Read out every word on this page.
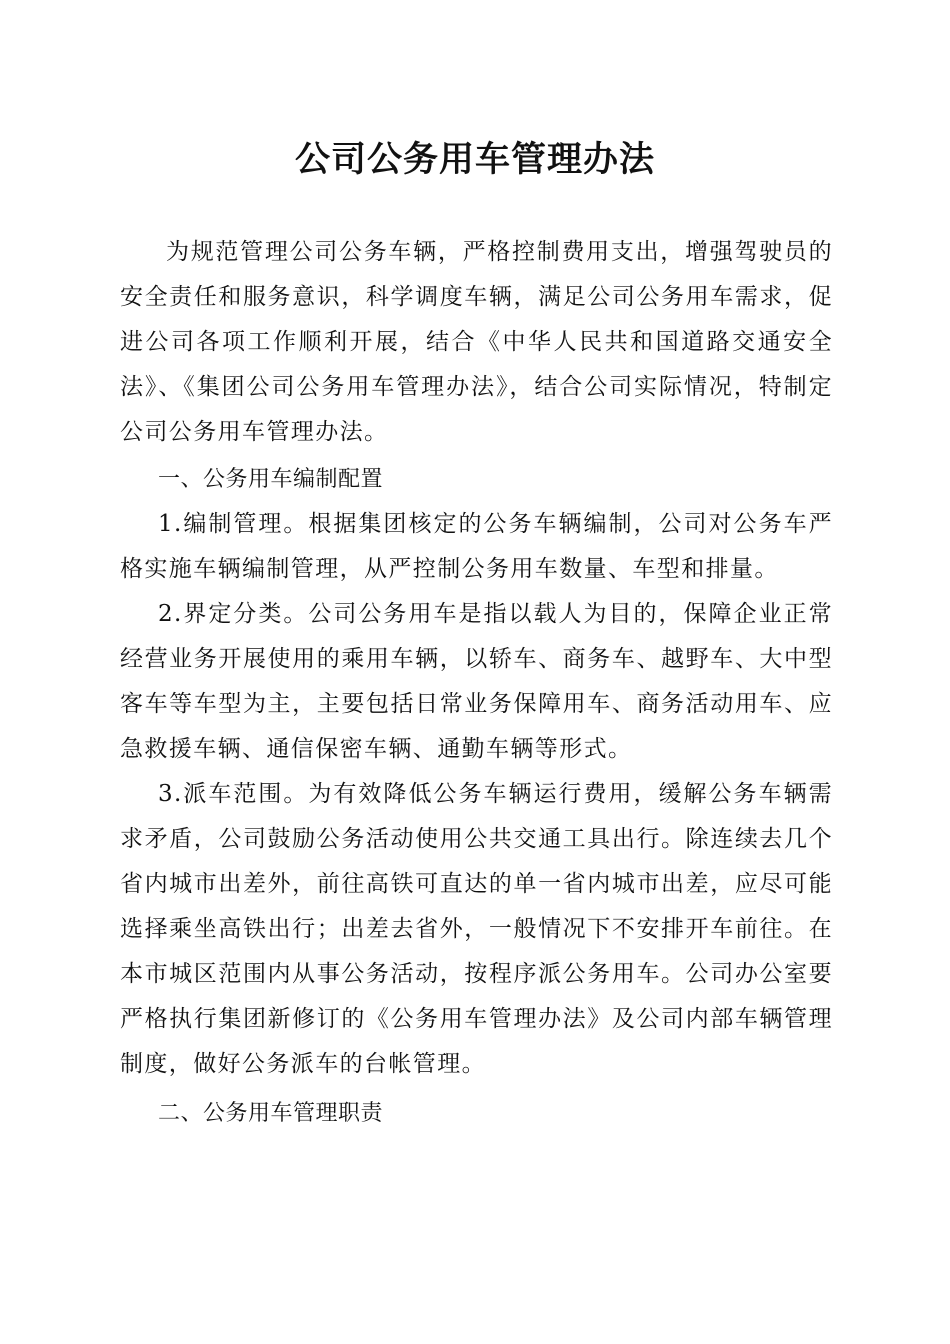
公司公务用车管理办法

为规范管理公司公务车辆，严格控制费用支出，增强驾驶员的安全责任和服务意识，科学调度车辆，满足公司公务用车需求，促进公司各项工作顺利开展，结合《中华人民共和国道路交通安全法》、《集团公司公务用车管理办法》，结合公司实际情况，特制定公司公务用车管理办法。

一、公务用车编制配置

1.编制管理。根据集团核定的公务车辆编制，公司对公务车严格实施车辆编制管理，从严控制公务用车数量、车型和排量。

2.界定分类。公司公务用车是指以载人为目的，保障企业正常经营业务开展使用的乘用车辆，以轿车、商务车、越野车、大中型客车等车型为主，主要包括日常业务保障用车、商务活动用车、应急救援车辆、通信保密车辆、通勤车辆等形式。

3.派车范围。为有效降低公务车辆运行费用，缓解公务车辆需求矛盾，公司鼓励公务活动使用公共交通工具出行。除连续去几个省内城市出差外，前往高铁可直达的单一省内城市出差，应尽可能选择乘坐高铁出行；出差去省外，一般情况下不安排开车前往。在本市城区范围内从事公务活动，按程序派公务用车。公司办公室要严格执行集团新修订的《公务用车管理办法》及公司内部车辆管理制度，做好公务派车的台帐管理。

二、公务用车管理职责
